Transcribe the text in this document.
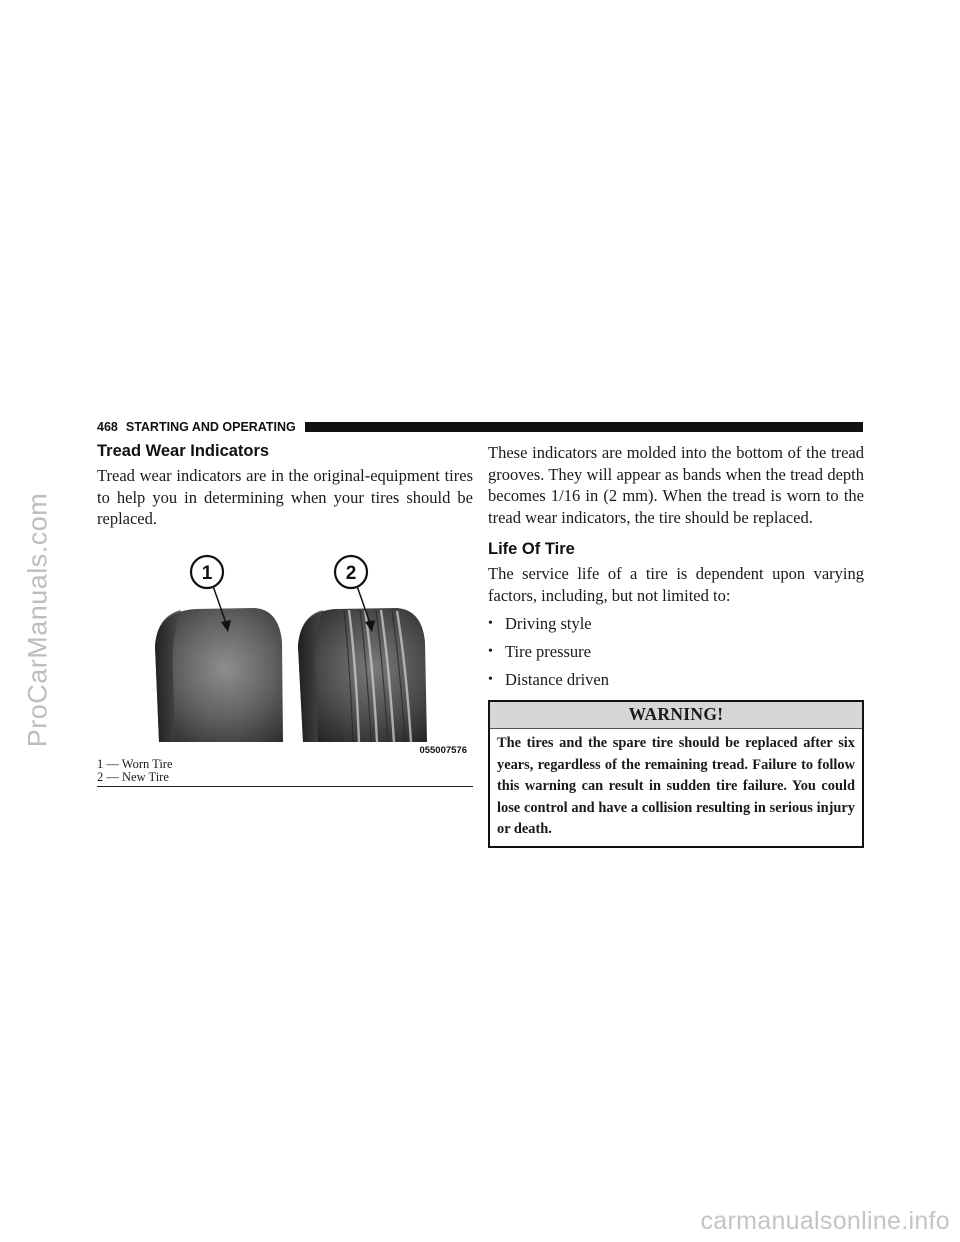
ProCarManuals.com
carmanualsonline.info
468 STARTING AND OPERATING
Tread Wear Indicators

Tread wear indicators are in the original-equipment tires to help you in determining when your tires should be replaced.

1	2
055007576
1 — Worn Tire
2 — New Tire

These indicators are molded into the bottom of the tread grooves. They will appear as bands when the tread depth becomes 1/16 in (2 mm). When the tread is worn to the tread wear indicators, the tire should be replaced.

Life Of Tire

The service life of a tire is dependent upon varying factors, including, but not limited to:

• Driving style
• Tire pressure
• Distance driven
WARNING!
The tires and the spare tire should be replaced after six years, regardless of the remaining tread. Failure to follow this warning can result in sudden tire failure. You could lose control and have a collision resulting in serious injury or death.
